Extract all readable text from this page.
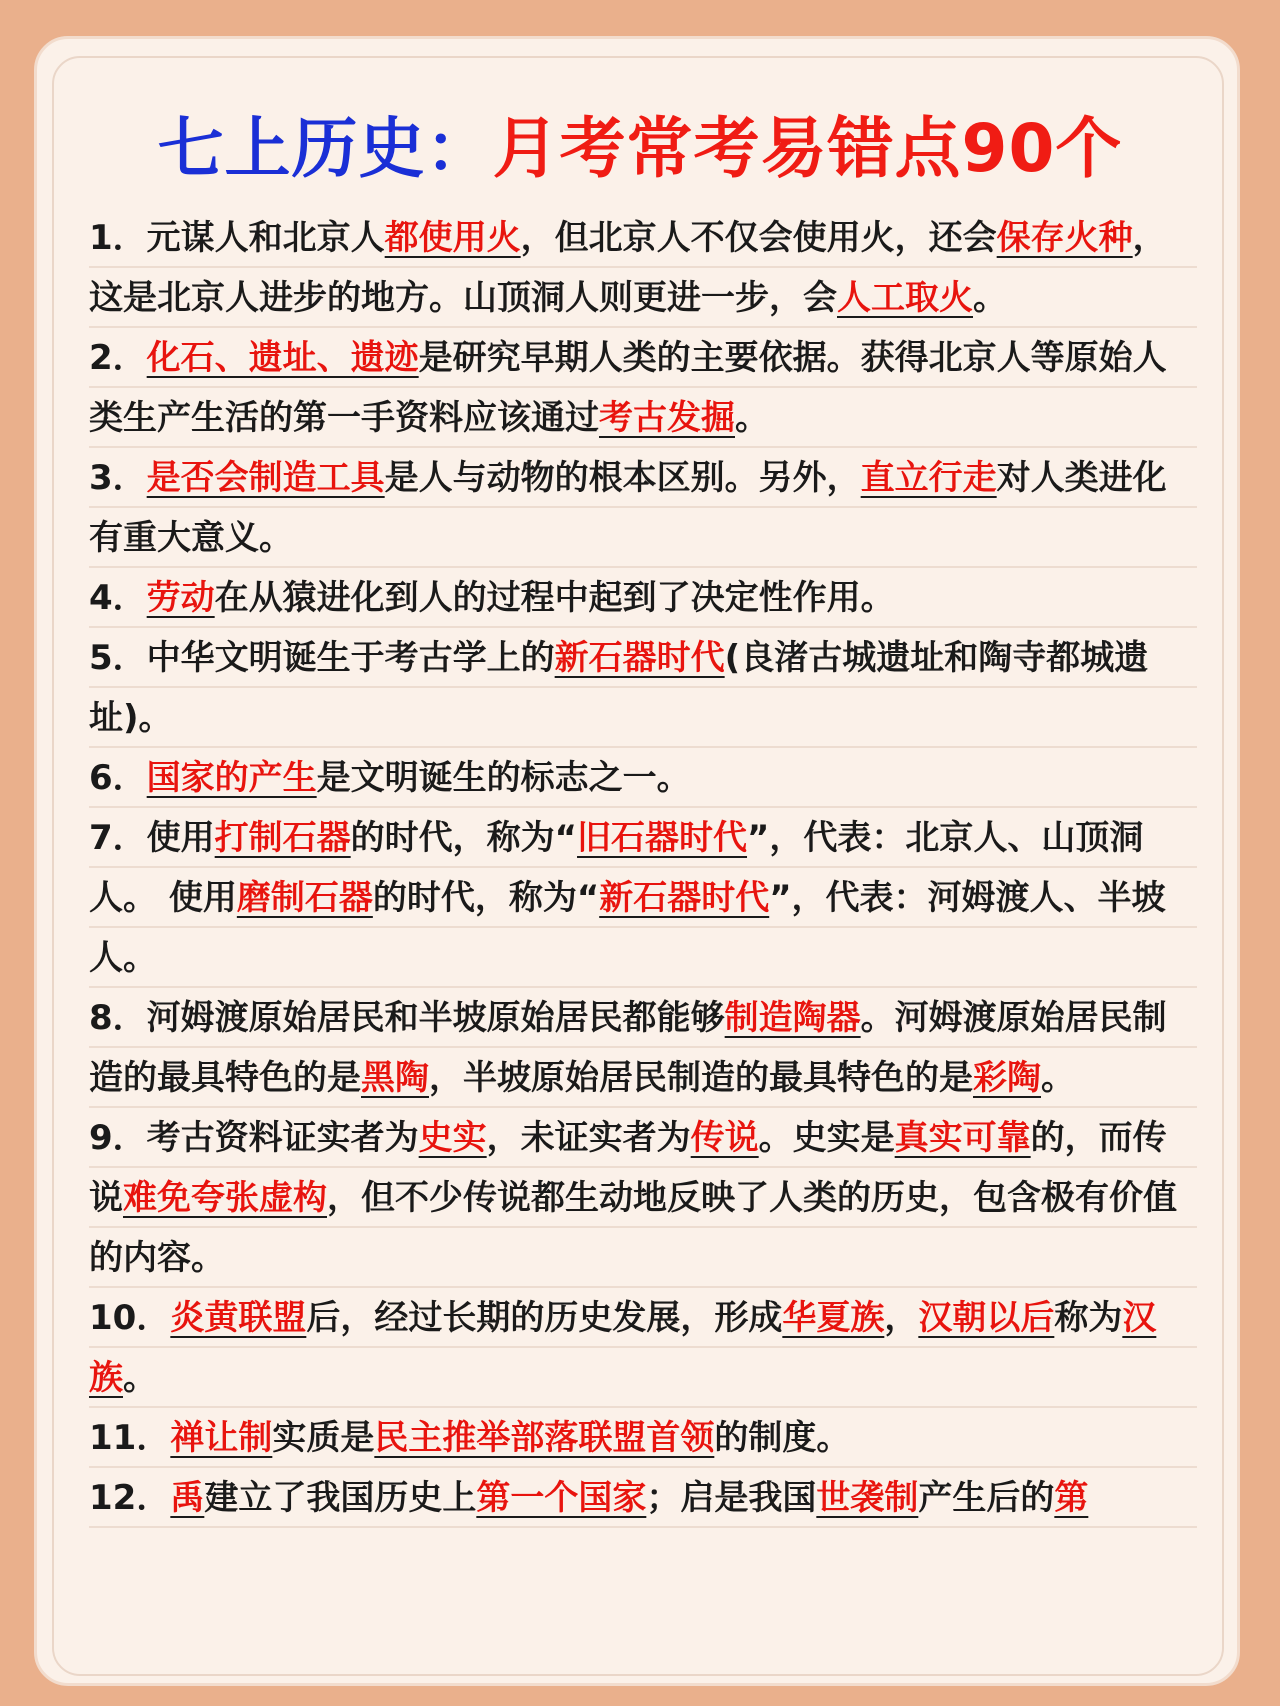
七上历史：月考常考易错点90个

1．元谋人和北京人都使用火，但北京人不仅会使用火，还会保存火种，这是北京人进步的地方。山顶洞人则更进一步，会人工取火。

2．化石、遗址、遗迹是研究早期人类的主要依据。获得北京人等原始人类生产生活的第一手资料应该通过考古发掘。

3．是否会制造工具是人与动物的根本区别。另外，直立行走对人类进化有重大意义。

4．劳动在从猿进化到人的过程中起到了决定性作用。

5．中华文明诞生于考古学上的新石器时代(良渚古城遗址和陶寺都城遗址)。

6．国家的产生是文明诞生的标志之一。

7．使用打制石器的时代，称为“旧石器时代”，代表：北京人、山顶洞人。 使用磨制石器的时代，称为“新石器时代”，代表：河姆渡人、半坡人。

8．河姆渡原始居民和半坡原始居民都能够制造陶器。河姆渡原始居民制造的最具特色的是黑陶，半坡原始居民制造的最具特色的是彩陶。

9．考古资料证实者为史实，未证实者为传说。史实是真实可靠的，而传说难免夸张虚构，但不少传说都生动地反映了人类的历史，包含极有价值的内容。

10．炎黄联盟后，经过长期的历史发展，形成华夏族，汉朝以后称为汉族。

11．禅让制实质是民主推举部落联盟首领的制度。

12．禹建立了我国历史上第一个国家；启是我国世袭制产生后的第
